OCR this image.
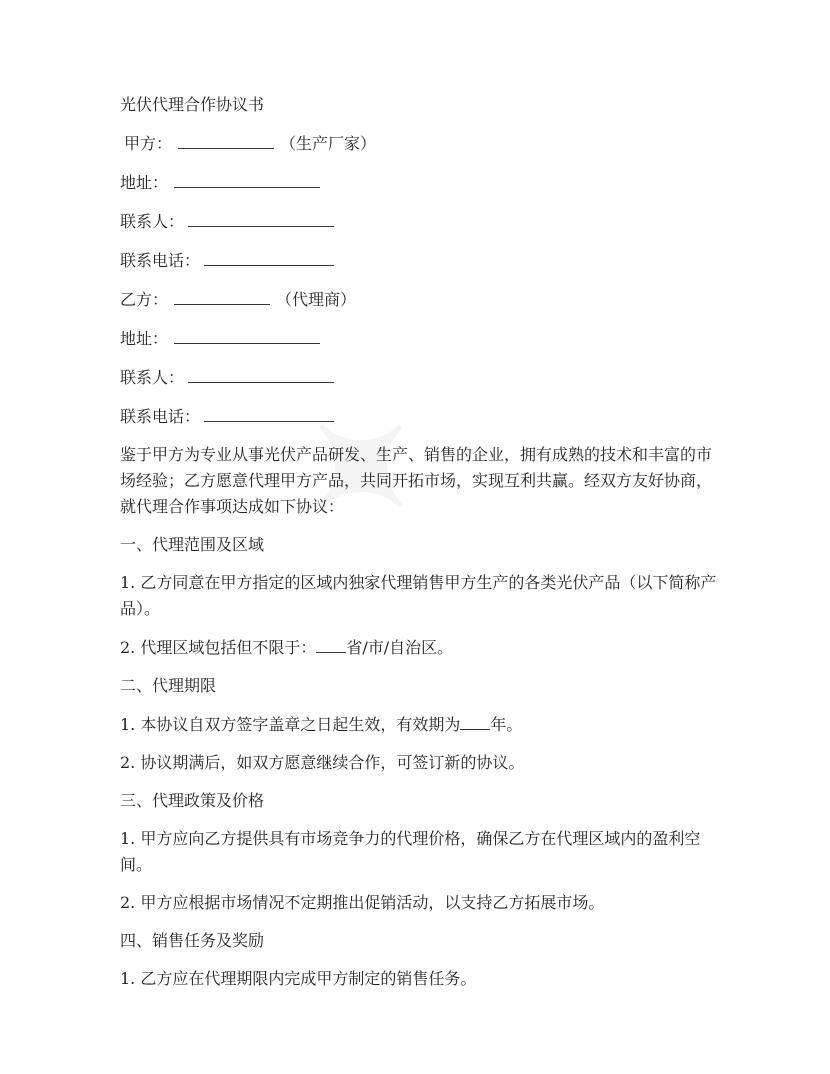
光伏代理合作协议书

甲方：	（生产厂家）

地址：

联系人：

联系电话：

乙方：	（代理商）

地址：

联系人：

联系电话：

鉴于甲方为专业从事光伏产品研发、生产、销售的企业，拥有成熟的技术和丰富的市场经验；乙方愿意代理甲方产品，共同开拓市场，实现互利共赢。经双方友好协商，就代理合作事项达成如下协议：

一、代理范围及区域

1. 乙方同意在甲方指定的区域内独家代理销售甲方生产的各类光伏产品（以下简称产品）。

2. 代理区域包括但不限于： 省/市/自治区。

二、代理期限

1. 本协议自双方签字盖章之日起生效，有效期为 年。

2. 协议期满后，如双方愿意继续合作，可签订新的协议。

三、代理政策及价格

1. 甲方应向乙方提供具有市场竞争力的代理价格，确保乙方在代理区域内的盈利空间。

2. 甲方应根据市场情况不定期推出促销活动，以支持乙方拓展市场。

四、销售任务及奖励

1. 乙方应在代理期限内完成甲方制定的销售任务。
